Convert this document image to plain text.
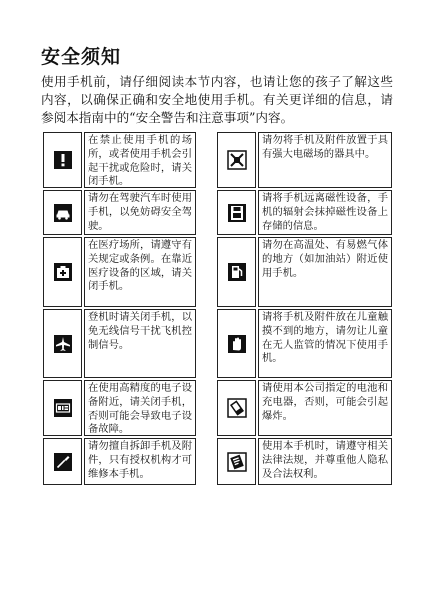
安全须知
使用手机前，请仔细阅读本节内容，也请让您的孩子了解这些内容，以确保正确和安全地使用手机。有关更详细的信息，请参阅本指南中的“安全警告和注意事项”内容。
在禁止使用手机的场所，或者使用手机会引起干扰或危险时，请关闭手机。
请勿将手机及附件放置于具有强大电磁场的器具中。
请勿在驾驶汽车时使用手机，以免妨碍安全驾驶。
请将手机远离磁性设备，手机的辐射会抹掉磁性设备上存储的信息。
在医疗场所，请遵守有关规定或条例。在靠近医疗设备的区域，请关闭手机。
请勿在高温处、有易燃气体的地方（如加油站）附近使用手机。
登机时请关闭手机，以免无线信号干扰飞机控制信号。
请将手机及附件放在儿童触摸不到的地方，请勿让儿童在无人监管的情况下使用手机。
在使用高精度的电子设备附近，请关闭手机，否则可能会导致电子设备故障。
请使用本公司指定的电池和充电器，否则，可能会引起爆炸。
请勿擅自拆卸手机及附件，只有授权机构才可维修本手机。
使用本手机时，请遵守相关法律法规，并尊重他人隐私及合法权利。
